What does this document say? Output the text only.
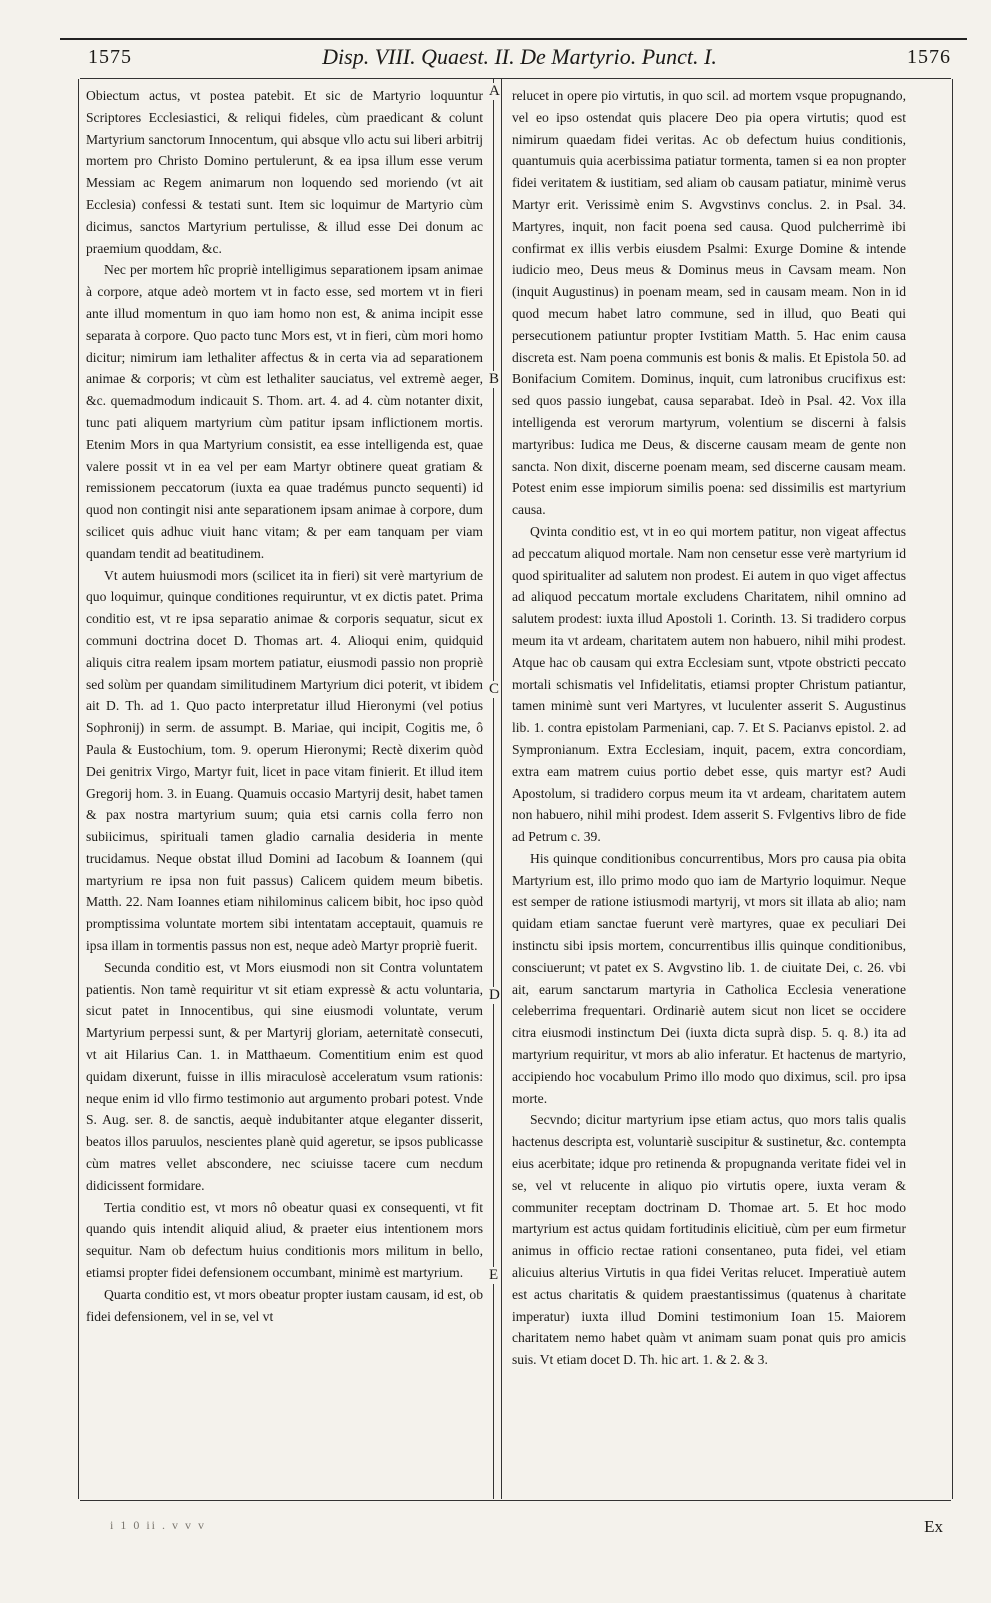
1575	Disp. VIII. Quaest. II. De Martyrio. Punct. I.	1576
A
B
C
D
E

Obiectum actus, vt postea patebit. Et sic de Martyrio loquuntur Scriptores Ecclesiastici, & reliqui fideles, cùm praedicant & colunt Martyrium sanctorum Innocentum, qui absque vllo actu sui liberi arbitrij mortem pro Christo Domino pertulerunt, & ea ipsa illum esse verum Messiam ac Regem animarum non loquendo sed moriendo (vt ait Ecclesia) confessi & testati sunt. Item sic loquimur de Martyrio cùm dicimus, sanctos Martyrium pertulisse, & illud esse Dei donum ac praemium quoddam, &c.

Nec per mortem hîc propriè intelligimus separationem ipsam animae à corpore, atque adeò mortem vt in facto esse, sed mortem vt in fieri ante illud momentum in quo iam homo non est, & anima incipit esse separata à corpore. Quo pacto tunc Mors est, vt in fieri, cùm mori homo dicitur; nimirum iam lethaliter affectus & in certa via ad separationem animae & corporis; vt cùm est lethaliter sauciatus, vel extremè aeger, &c. quemadmodum indicauit S. Thom. art. 4. ad 4. cùm notanter dixit, tunc pati aliquem martyrium cùm patitur ipsam inflictionem mortis. Etenim Mors in qua Martyrium consistit, ea esse intelligenda est, quae valere possit vt in ea vel per eam Martyr obtinere queat gratiam & remissionem peccatorum (iuxta ea quae tradémus puncto sequenti) id quod non contingit nisi ante separationem ipsam animae à corpore, dum scilicet quis adhuc viuit hanc vitam; & per eam tanquam per viam quandam tendit ad beatitudinem.

Vt autem huiusmodi mors (scilicet ita in fieri) sit verè martyrium de quo loquimur, quinque conditiones requiruntur, vt ex dictis patet. Prima conditio est, vt re ipsa separatio animae & corporis sequatur, sicut ex communi doctrina docet D. Thomas art. 4. Alioqui enim, quidquid aliquis citra realem ipsam mortem patiatur, eiusmodi passio non propriè sed solùm per quandam similitudinem Martyrium dici poterit, vt ibidem ait D. Th. ad 1. Quo pacto interpretatur illud Hieronymi (vel potius Sophronij) in serm. de assumpt. B. Mariae, qui incipit, Cogitis me, ô Paula & Eustochium, tom. 9. operum Hieronymi; Rectè dixerim quòd Dei genitrix Virgo, Martyr fuit, licet in pace vitam finierit. Et illud item Gregorij hom. 3. in Euang. Quamuis occasio Martyrij desit, habet tamen & pax nostra martyrium suum; quia etsi carnis colla ferro non subiicimus, spirituali tamen gladio carnalia desideria in mente trucidamus. Neque obstat illud Domini ad Iacobum & Ioannem (qui martyrium re ipsa non fuit passus) Calicem quidem meum bibetis. Matth. 22. Nam Ioannes etiam nihilominus calicem bibit, hoc ipso quòd promptissima voluntate mortem sibi intentatam acceptauit, quamuis re ipsa illam in tormentis passus non est, neque adeò Martyr propriè fuerit.

Secunda conditio est, vt Mors eiusmodi non sit Contra voluntatem patientis. Non tamè requiritur vt sit etiam expressè & actu voluntaria, sicut patet in Innocentibus, qui sine eiusmodi voluntate, verum Martyrium perpessi sunt, & per Martyrij gloriam, aeternitatè consecuti, vt ait Hilarius Can. 1. in Matthaeum. Comentitium enim est quod quidam dixerunt, fuisse in illis miraculosè acceleratum vsum rationis: neque enim id vllo firmo testimonio aut argumento probari potest. Vnde S. Aug. ser. 8. de sanctis, aequè indubitanter atque eleganter disserit, beatos illos paruulos, nescientes planè quid ageretur, se ipsos publicasse cùm matres vellet abscondere, nec sciuisse tacere cum necdum didicissent formidare.

Tertia conditio est, vt mors nô obeatur quasi ex consequenti, vt fit quando quis intendit aliquid aliud, & praeter eius intentionem mors sequitur. Nam ob defectum huius conditionis mors militum in bello, etiamsi propter fidei defensionem occumbant, minimè est martyrium.

Quarta conditio est, vt mors obeatur propter iustam causam, id est, ob fidei defensionem, vel in se, vel vt

relucet in opere pio virtutis, in quo scil. ad mortem vsque propugnando, vel eo ipso ostendat quis placere Deo pia opera virtutis; quod est nimirum quaedam fidei veritas. Ac ob defectum huius conditionis, quantumuis quia acerbissima patiatur tormenta, tamen si ea non propter fidei veritatem & iustitiam, sed aliam ob causam patiatur, minimè verus Martyr erit. Verissimè enim S. Avgvstinvs conclus. 2. in Psal. 34. Martyres, inquit, non facit poena sed causa. Quod pulcherrimè ibi confirmat ex illis verbis eiusdem Psalmi: Exurge Domine & intende iudicio meo, Deus meus & Dominus meus in Cavsam meam. Non (inquit Augustinus) in poenam meam, sed in causam meam. Non in id quod mecum habet latro commune, sed in illud, quo Beati qui persecutionem patiuntur propter Ivstitiam Matth. 5. Hac enim causa discreta est. Nam poena communis est bonis & malis. Et Epistola 50. ad Bonifacium Comitem. Dominus, inquit, cum latronibus crucifixus est: sed quos passio iungebat, causa separabat. Ideò in Psal. 42. Vox illa intelligenda est verorum martyrum, volentium se discerni à falsis martyribus: Iudica me Deus, & discerne causam meam de gente non sancta. Non dixit, discerne poenam meam, sed discerne causam meam. Potest enim esse impiorum similis poena: sed dissimilis est martyrium causa.

Qvinta conditio est, vt in eo qui mortem patitur, non vigeat affectus ad peccatum aliquod mortale. Nam non censetur esse verè martyrium id quod spiritualiter ad salutem non prodest. Ei autem in quo viget affectus ad aliquod peccatum mortale excludens Charitatem, nihil omnino ad salutem prodest: iuxta illud Apostoli 1. Corinth. 13. Si tradidero corpus meum ita vt ardeam, charitatem autem non habuero, nihil mihi prodest. Atque hac ob causam qui extra Ecclesiam sunt, vtpote obstricti peccato mortali schismatis vel Infidelitatis, etiamsi propter Christum patiantur, tamen minimè sunt veri Martyres, vt luculenter asserit S. Augustinus lib. 1. contra epistolam Parmeniani, cap. 7. Et S. Pacianvs epistol. 2. ad Sympronianum. Extra Ecclesiam, inquit, pacem, extra concordiam, extra eam matrem cuius portio debet esse, quis martyr est? Audi Apostolum, si tradidero corpus meum ita vt ardeam, charitatem autem non habuero, nihil mihi prodest. Idem asserit S. Fvlgentivs libro de fide ad Petrum c. 39.

His quinque conditionibus concurrentibus, Mors pro causa pia obita Martyrium est, illo primo modo quo iam de Martyrio loquimur. Neque est semper de ratione istiusmodi martyrij, vt mors sit illata ab alio; nam quidam etiam sanctae fuerunt verè martyres, quae ex peculiari Dei instinctu sibi ipsis mortem, concurrentibus illis quinque conditionibus, consciuerunt; vt patet ex S. Avgvstino lib. 1. de ciuitate Dei, c. 26. vbi ait, earum sanctarum martyria in Catholica Ecclesia veneratione celeberrima frequentari. Ordinariè autem sicut non licet se occidere citra eiusmodi instinctum Dei (iuxta dicta suprà disp. 5. q. 8.) ita ad martyrium requiritur, vt mors ab alio inferatur. Et hactenus de martyrio, accipiendo hoc vocabulum Primo illo modo quo diximus, scil. pro ipsa morte.

Secvndo; dicitur martyrium ipse etiam actus, quo mors talis qualis hactenus descripta est, voluntariè suscipitur & sustinetur, &c. contempta eius acerbitate; idque pro retinenda & propugnanda veritate fidei vel in se, vel vt relucente in aliquo pio virtutis opere, iuxta veram & communiter receptam doctrinam D. Thomae art. 5. Et hoc modo martyrium est actus quidam fortitudinis elicitiuè, cùm per eum firmetur animus in officio rectae rationi consentaneo, puta fidei, vel etiam alicuius alterius Virtutis in qua fidei Veritas relucet. Imperatiuè autem est actus charitatis & quidem praestantissimus (quatenus à charitate imperatur) iuxta illud Domini testimonium Ioan 15. Maiorem charitatem nemo habet quàm vt animam suam ponat quis pro amicis suis. Vt etiam docet D. Th. hic art. 1. & 2. & 3.

i 1 0 ii . v v v	Ex
